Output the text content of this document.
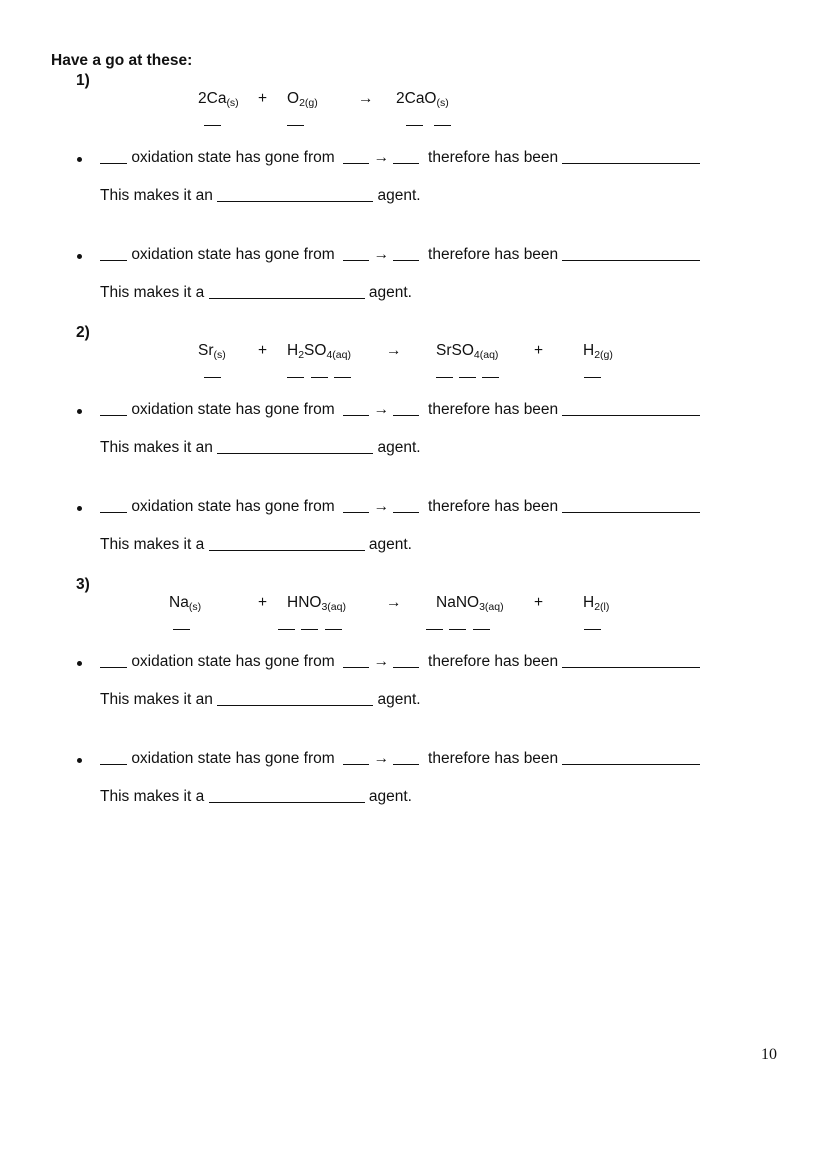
Have a go at these:
1)
$2Ca_{(s)} + O_{2(g)}$	→ 2CaO$_{(s)}$
oxidation state has gone from	→	therefore has been
This makes it an	agent.
oxidation state has gone from	→	therefore has been
This makes it a	agent.
2)
$Sr_{(s)} + H_2SO_{4(aq)}$ → SrSO$_{4(aq)}$ +	$H_{2(g)}$
oxidation state has gone from	→	therefore has been
This makes it an	agent.
oxidation state has gone from	→	therefore has been
This makes it a	agent.
3)
$Na_{(s)}$	+ $HNO_{3(aq)}$	→ NaNO$_{3(aq)}$ +	$H_{2(l)}$
oxidation state has gone from	→	therefore has been
This makes it an	agent.
oxidation state has gone from	→	therefore has been
This makes it a	agent.
10
